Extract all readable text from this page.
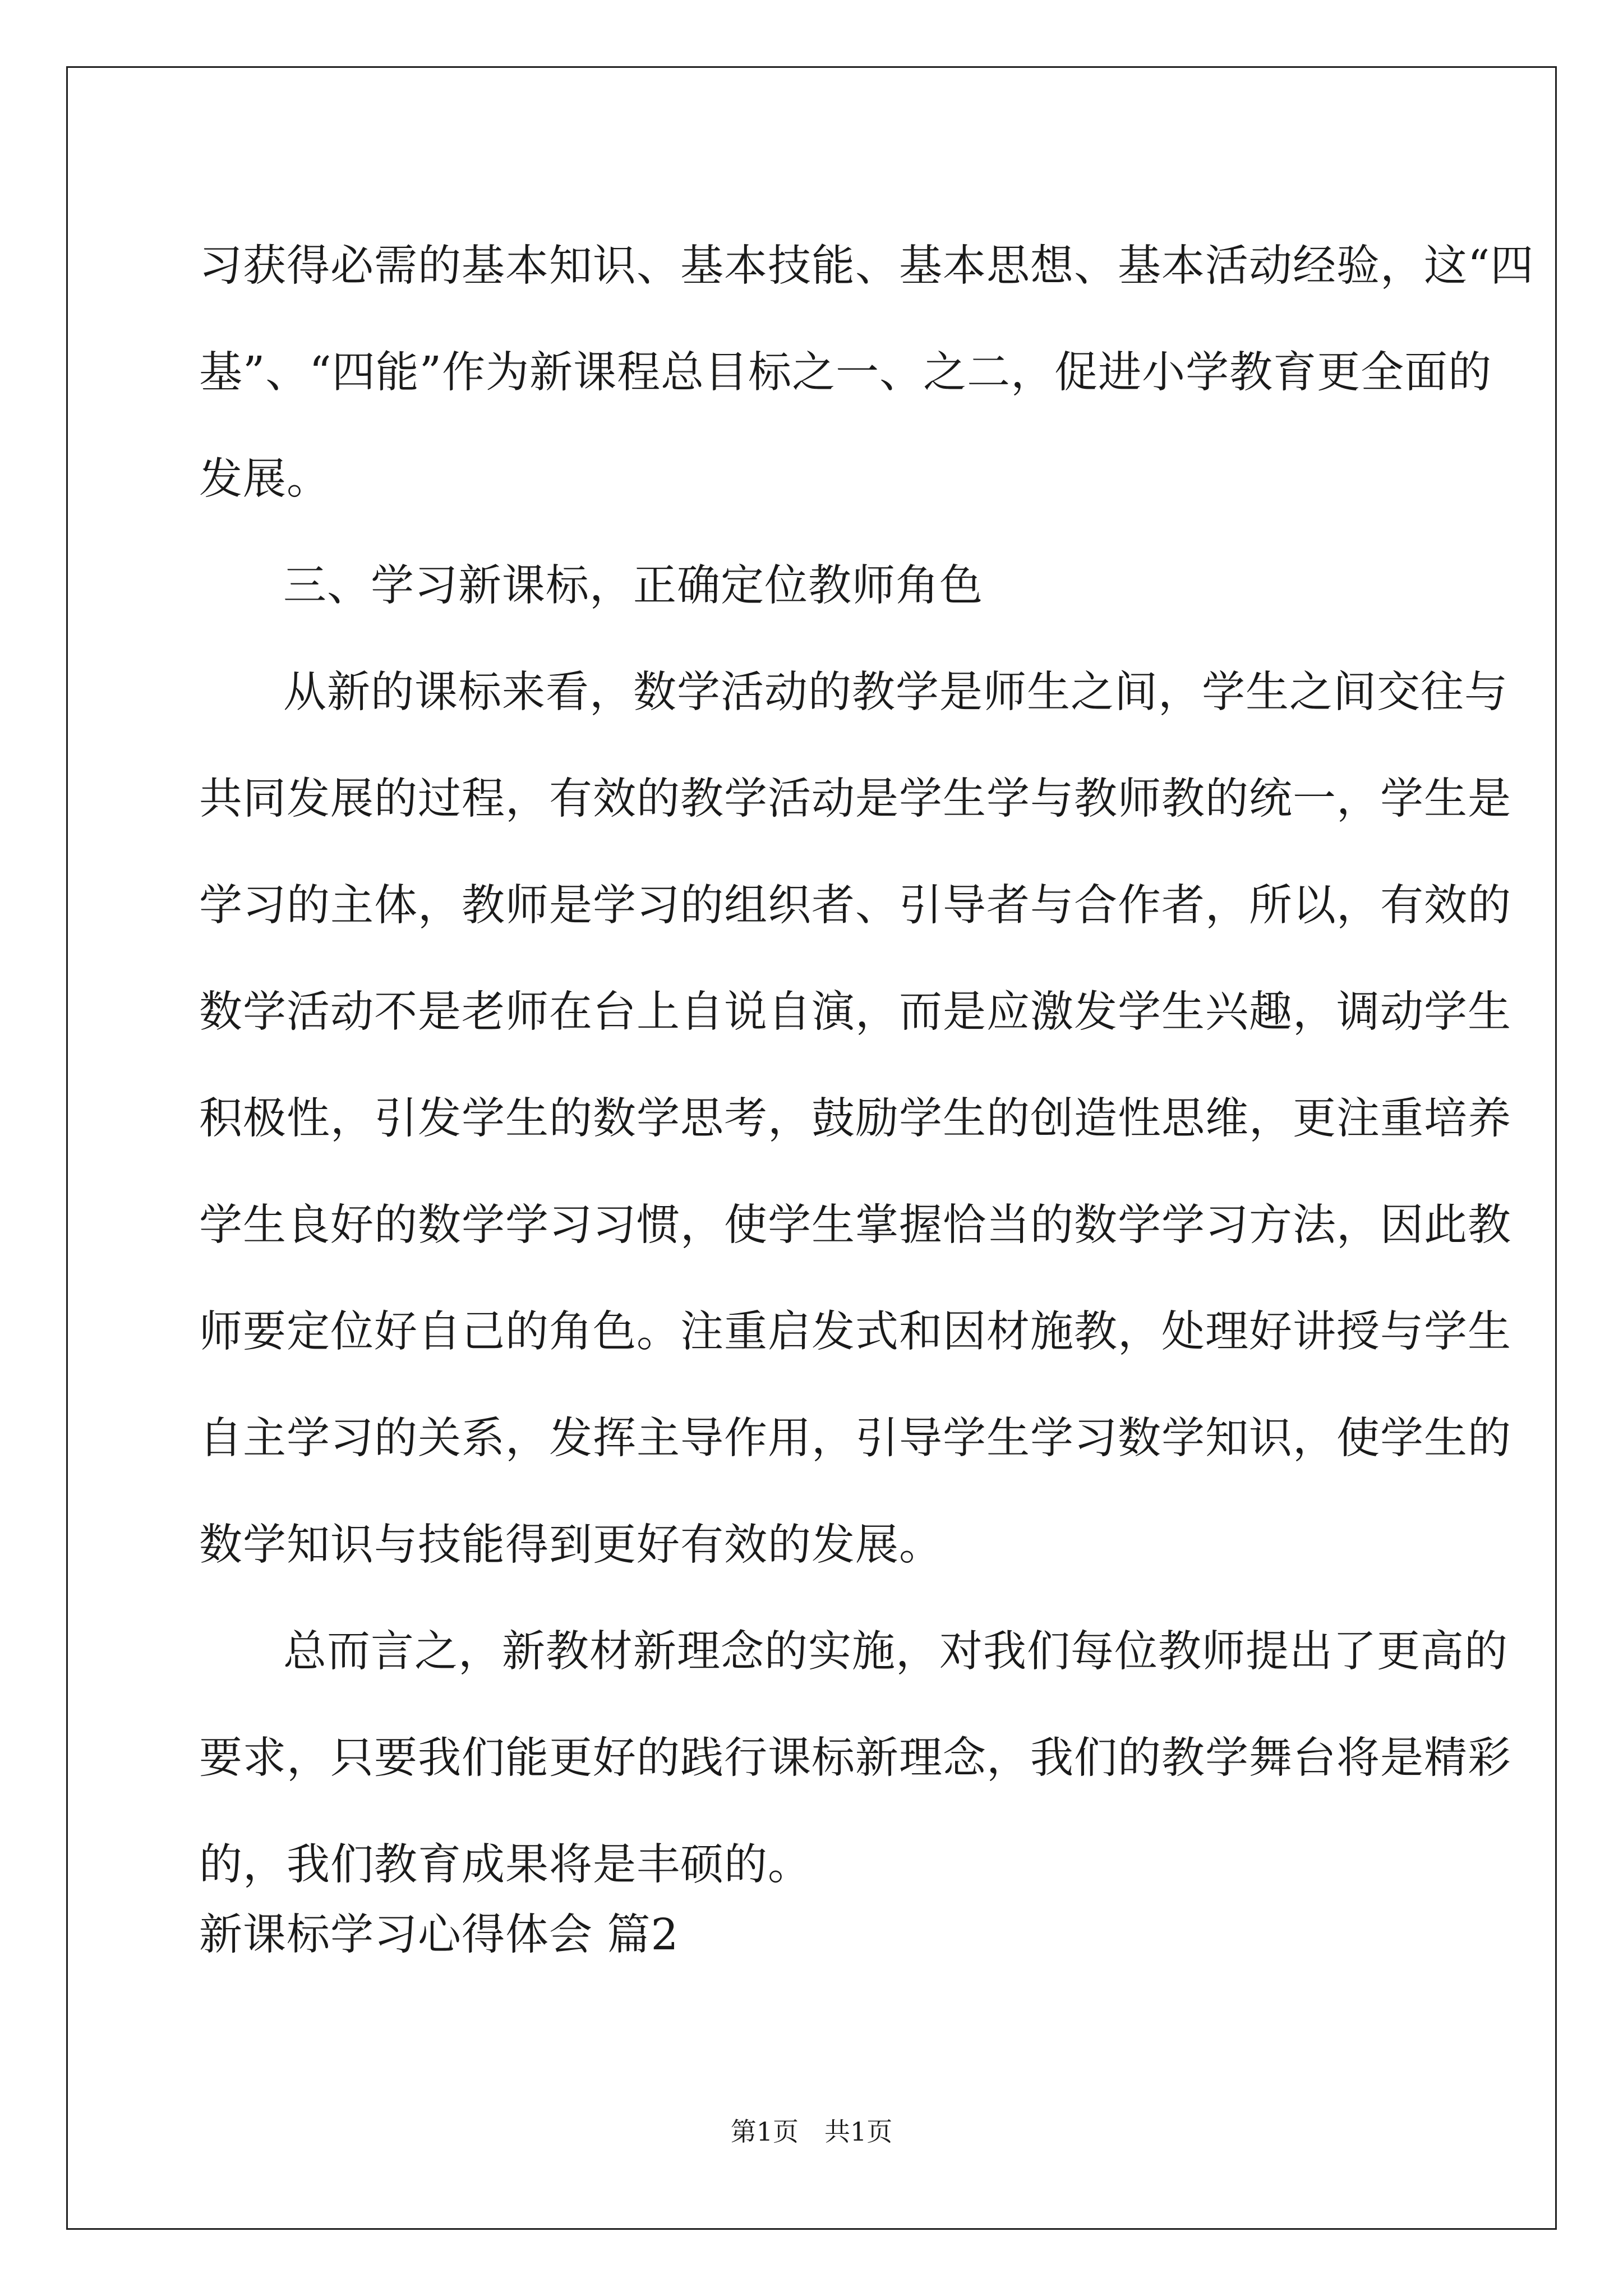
习获得必需的基本知识、基本技能、基本思想、基本活动经验，这“四
基”、“四能”作为新课程总目标之一、之二，促进小学教育更全面的
发展。
三、学习新课标，正确定位教师角色
从新的课标来看，数学活动的教学是师生之间，学生之间交往与
共同发展的过程，有效的教学活动是学生学与教师教的统一，学生是
学习的主体，教师是学习的组织者、引导者与合作者，所以，有效的
数学活动不是老师在台上自说自演，而是应激发学生兴趣，调动学生
积极性，引发学生的数学思考，鼓励学生的创造性思维，更注重培养
学生良好的数学学习习惯，使学生掌握恰当的数学学习方法，因此教
师要定位好自己的角色。注重启发式和因材施教，处理好讲授与学生
自主学习的关系，发挥主导作用，引导学生学习数学知识，使学生的
数学知识与技能得到更好有效的发展。
总而言之，新教材新理念的实施，对我们每位教师提出了更高的
要求，只要我们能更好的践行课标新理念，我们的教学舞台将是精彩
的，我们教育成果将是丰硕的。
新课标学习心得体会 篇2
第1页　共1页
